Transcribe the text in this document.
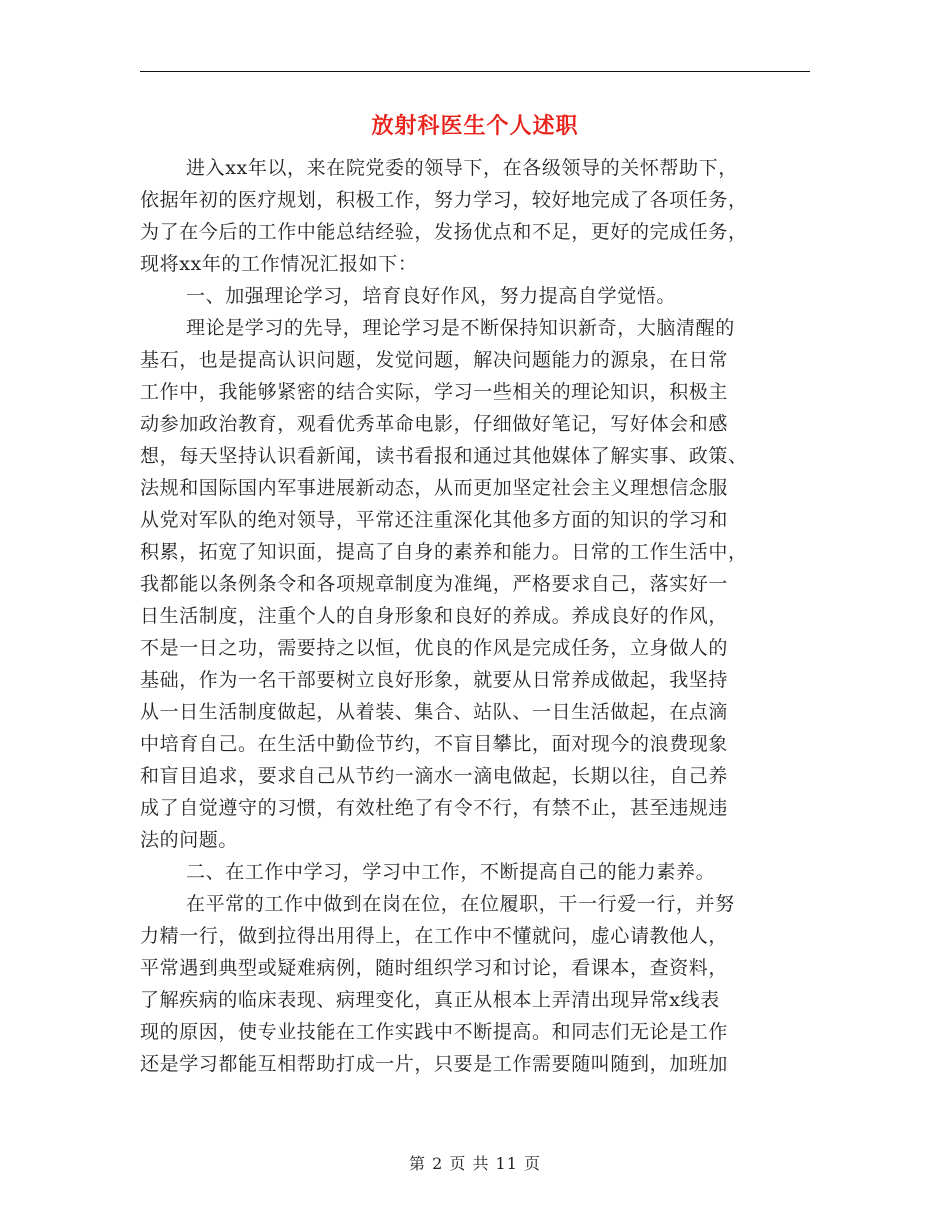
放射科医生个人述职
进入xx年以，来在院党委的领导下，在各级领导的关怀帮助下，
依据年初的医疗规划，积极工作，努力学习，较好地完成了各项任务，
为了在今后的工作中能总结经验，发扬优点和不足，更好的完成任务，
现将xx年的工作情况汇报如下：
一、加强理论学习，培育良好作风，努力提高自学觉悟。
理论是学习的先导，理论学习是不断保持知识新奇，大脑清醒的
基石，也是提高认识问题，发觉问题，解决问题能力的源泉，在日常
工作中，我能够紧密的结合实际，学习一些相关的理论知识，积极主
动参加政治教育，观看优秀革命电影，仔细做好笔记，写好体会和感
想，每天坚持认识看新闻，读书看报和通过其他媒体了解实事、政策、
法规和国际国内军事进展新动态，从而更加坚定社会主义理想信念服
从党对军队的绝对领导，平常还注重深化其他多方面的知识的学习和
积累，拓宽了知识面，提高了自身的素养和能力。日常的工作生活中，
我都能以条例条令和各项规章制度为准绳，严格要求自己，落实好一
日生活制度，注重个人的自身形象和良好的养成。养成良好的作风，
不是一日之功，需要持之以恒，优良的作风是完成任务，立身做人的
基础，作为一名干部要树立良好形象，就要从日常养成做起，我坚持
从一日生活制度做起，从着装、集合、站队、一日生活做起，在点滴
中培育自己。在生活中勤俭节约，不盲目攀比，面对现今的浪费现象
和盲目追求，要求自己从节约一滴水一滴电做起，长期以往，自己养
成了自觉遵守的习惯，有效杜绝了有令不行，有禁不止，甚至违规违
法的问题。
二、在工作中学习，学习中工作，不断提高自己的能力素养。
在平常的工作中做到在岗在位，在位履职，干一行爱一行，并努
力精一行，做到拉得出用得上，在工作中不懂就问，虚心请教他人，
平常遇到典型或疑难病例，随时组织学习和讨论，看课本，查资料，
了解疾病的临床表现、病理变化，真正从根本上弄清出现异常x线表
现的原因，使专业技能在工作实践中不断提高。和同志们无论是工作
还是学习都能互相帮助打成一片，只要是工作需要随叫随到，加班加
第 2 页 共 11 页
